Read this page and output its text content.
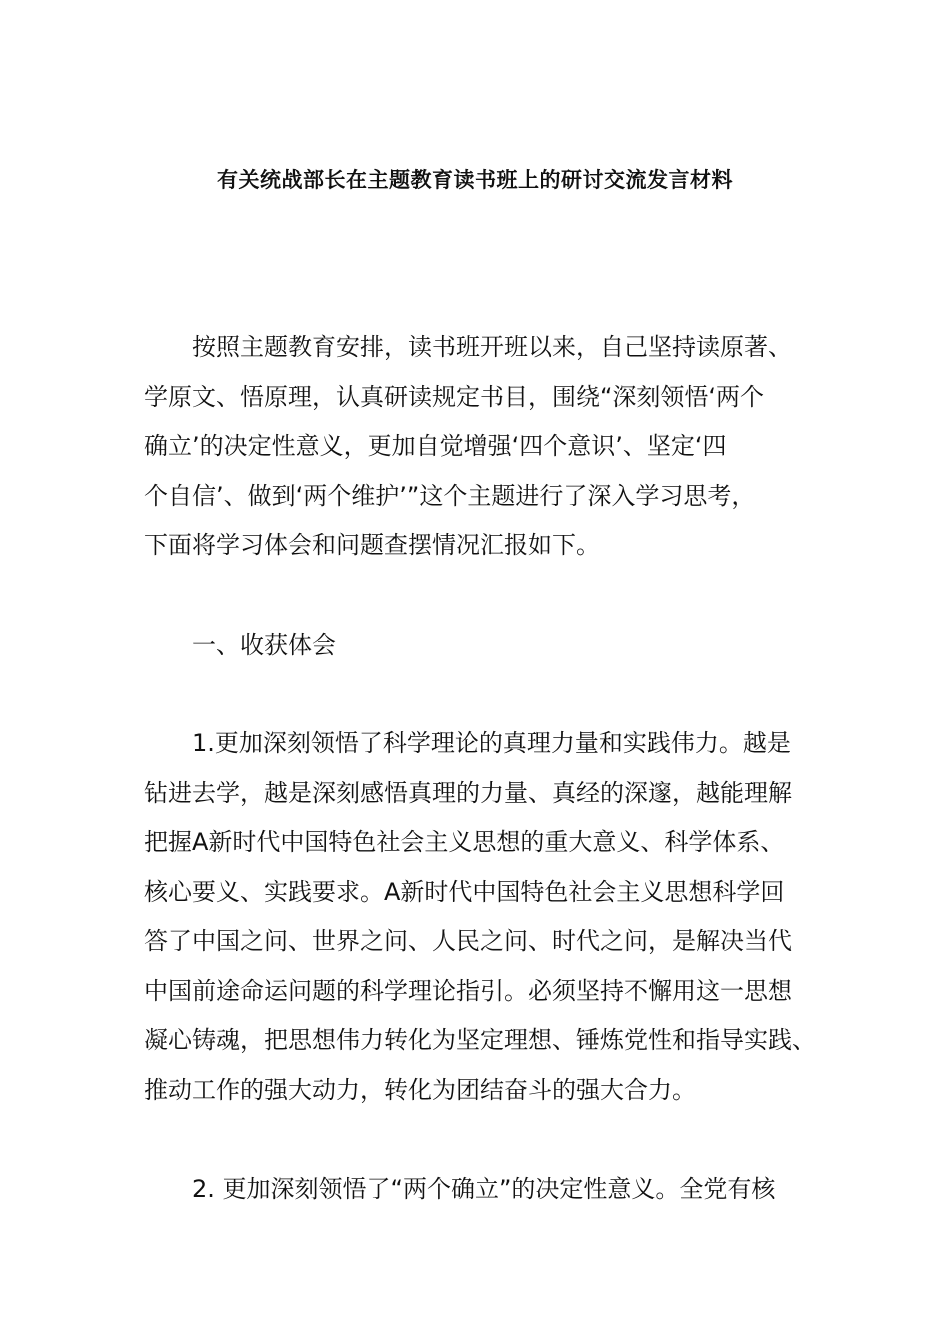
有关统战部长在主题教育读书班上的研讨交流发言材料
按照主题教育安排，读书班开班以来，自己坚持读原著、
学原文、悟原理，认真研读规定书目，围绕“深刻领悟‘两个
确立’的决定性意义，更加自觉增强‘四个意识’、坚定‘四
个自信’、做到‘两个维护’”这个主题进行了深入学习思考，
下面将学习体会和问题查摆情况汇报如下。
一、收获体会
1.更加深刻领悟了科学理论的真理力量和实践伟力。越是
钻进去学，越是深刻感悟真理的力量、真经的深邃，越能理解
把握A新时代中国特色社会主义思想的重大意义、科学体系、
核心要义、实践要求。A新时代中国特色社会主义思想科学回
答了中国之问、世界之问、人民之问、时代之问，是解决当代
中国前途命运问题的科学理论指引。必须坚持不懈用这一思想
凝心铸魂，把思想伟力转化为坚定理想、锤炼党性和指导实践、
推动工作的强大动力，转化为团结奋斗的强大合力。
2. 更加深刻领悟了“两个确立”的决定性意义。全党有核
